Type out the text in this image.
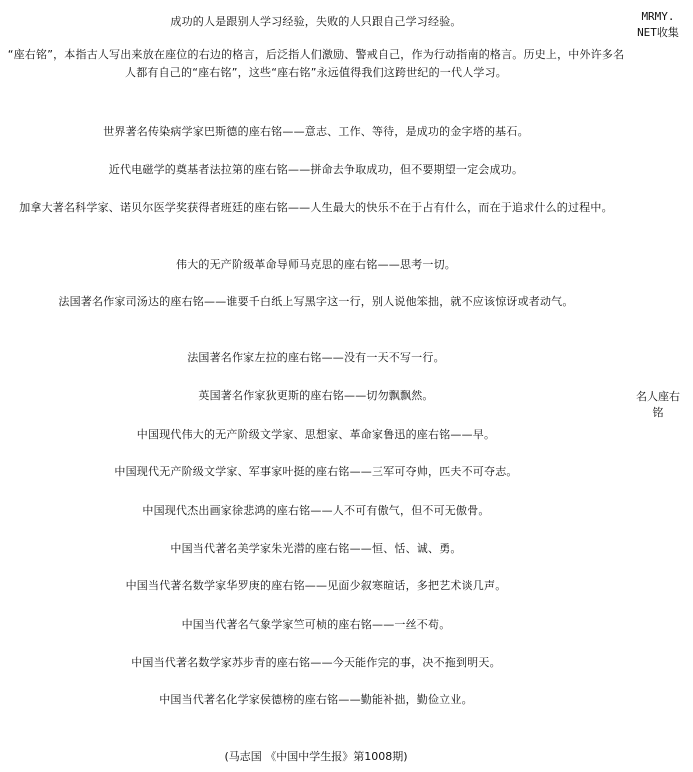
成功的人是跟别人学习经验，失败的人只跟自己学习经验。
“座右铭”，本指古人写出来放在座位的右边的格言，后泛指人们激励、警戒自己，作为行动指南的格言。历史上，中外许多名人都有自己的“座右铭”，这些“座右铭”永远值得我们这跨世纪的一代人学习。
世界著名传染病学家巴斯德的座右铭——意志、工作、等待，是成功的金字塔的基石。
近代电磁学的奠基者法拉第的座右铭——拼命去争取成功，但不要期望一定会成功。
加拿大著名科学家、诺贝尔医学奖获得者班廷的座右铭——人生最大的快乐不在于占有什么，而在于追求什么的过程中。
伟大的无产阶级革命导师马克思的座右铭——思考一切。
法国著名作家司汤达的座右铭——谁要千白纸上写黑字这一行，别人说他笨拙，就不应该惊讶或者动气。
法国著名作家左拉的座右铭——没有一天不写一行。
英国著名作家狄更斯的座右铭——切勿飘飘然。
中国现代伟大的无产阶级文学家、思想家、革命家鲁迅的座右铭——早。
中国现代无产阶级文学家、军事家叶挺的座右铭——三军可夺帅，匹夫不可夺志。
中国现代杰出画家徐悲鸿的座右铭——人不可有傲气，但不可无傲骨。
中国当代著名美学家朱光潜的座右铭——恒、恬、诚、勇。
中国当代著名数学家华罗庚的座右铭——见面少叙寒暄话，多把艺术谈几声。
中国当代著名气象学家竺可桢的座右铭——一丝不苟。
中国当代著名数学家苏步青的座右铭——今天能作完的事，决不拖到明天。
中国当代著名化学家侯德榜的座右铭——勤能补拙，勤俭立业。
(马志国 《中国中学生报》第1008期)
MRMY.
NET收集
名人座右
铭
